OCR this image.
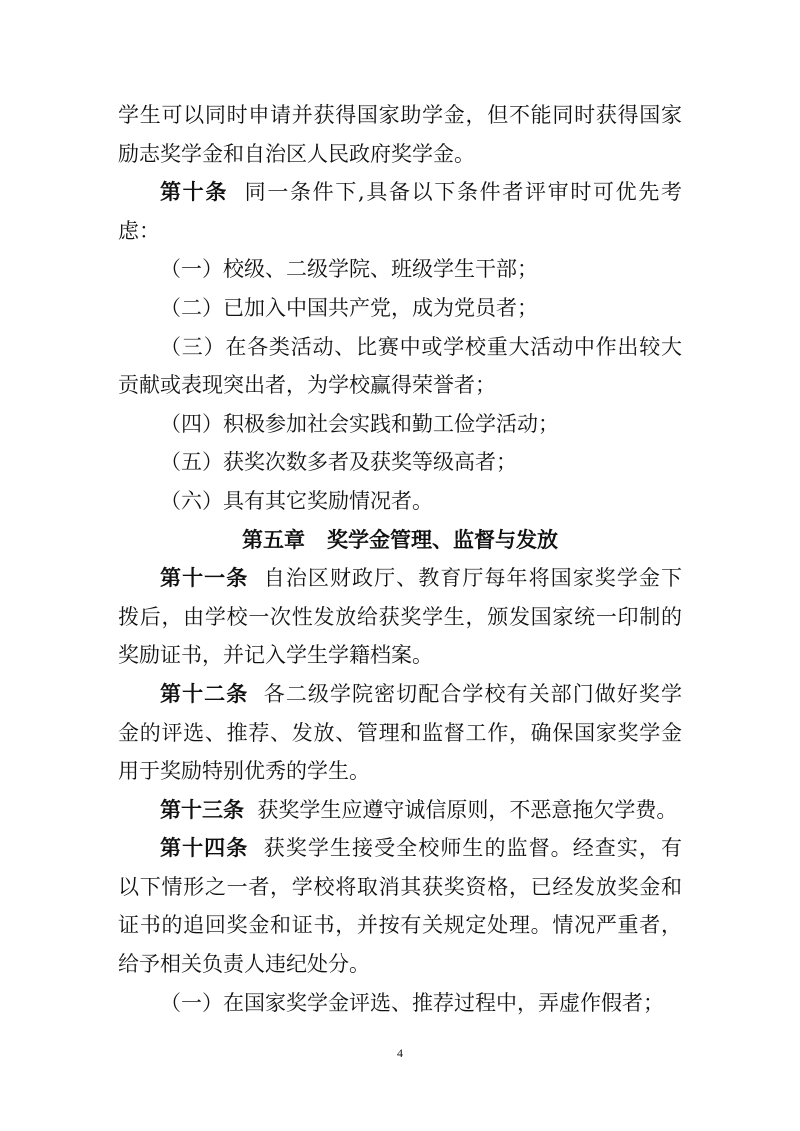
学生可以同时申请并获得国家助学金，但不能同时获得国家
励志奖学金和自治区人民政府奖学金。
第十条  同一条件下,具备以下条件者评审时可优先考
虑：
（一）校级、二级学院、班级学生干部；
（二）已加入中国共产党，成为党员者；
（三）在各类活动、比赛中或学校重大活动中作出较大
贡献或表现突出者，为学校赢得荣誉者；
（四）积极参加社会实践和勤工俭学活动；
（五）获奖次数多者及获奖等级高者；
（六）具有其它奖励情况者。
第五章   奖学金管理、监督与发放
第十一条  自治区财政厅、教育厅每年将国家奖学金下
拨后，由学校一次性发放给获奖学生，颁发国家统一印制的
奖励证书，并记入学生学籍档案。
第十二条  各二级学院密切配合学校有关部门做好奖学
金的评选、推荐、发放、管理和监督工作，确保国家奖学金
用于奖励特别优秀的学生。
第十三条  获奖学生应遵守诚信原则，不恶意拖欠学费。
第十四条  获奖学生接受全校师生的监督。经查实，有
以下情形之一者，学校将取消其获奖资格，已经发放奖金和
证书的追回奖金和证书，并按有关规定处理。情况严重者，
给予相关负责人违纪处分。
（一）在国家奖学金评选、推荐过程中，弄虚作假者；
4
